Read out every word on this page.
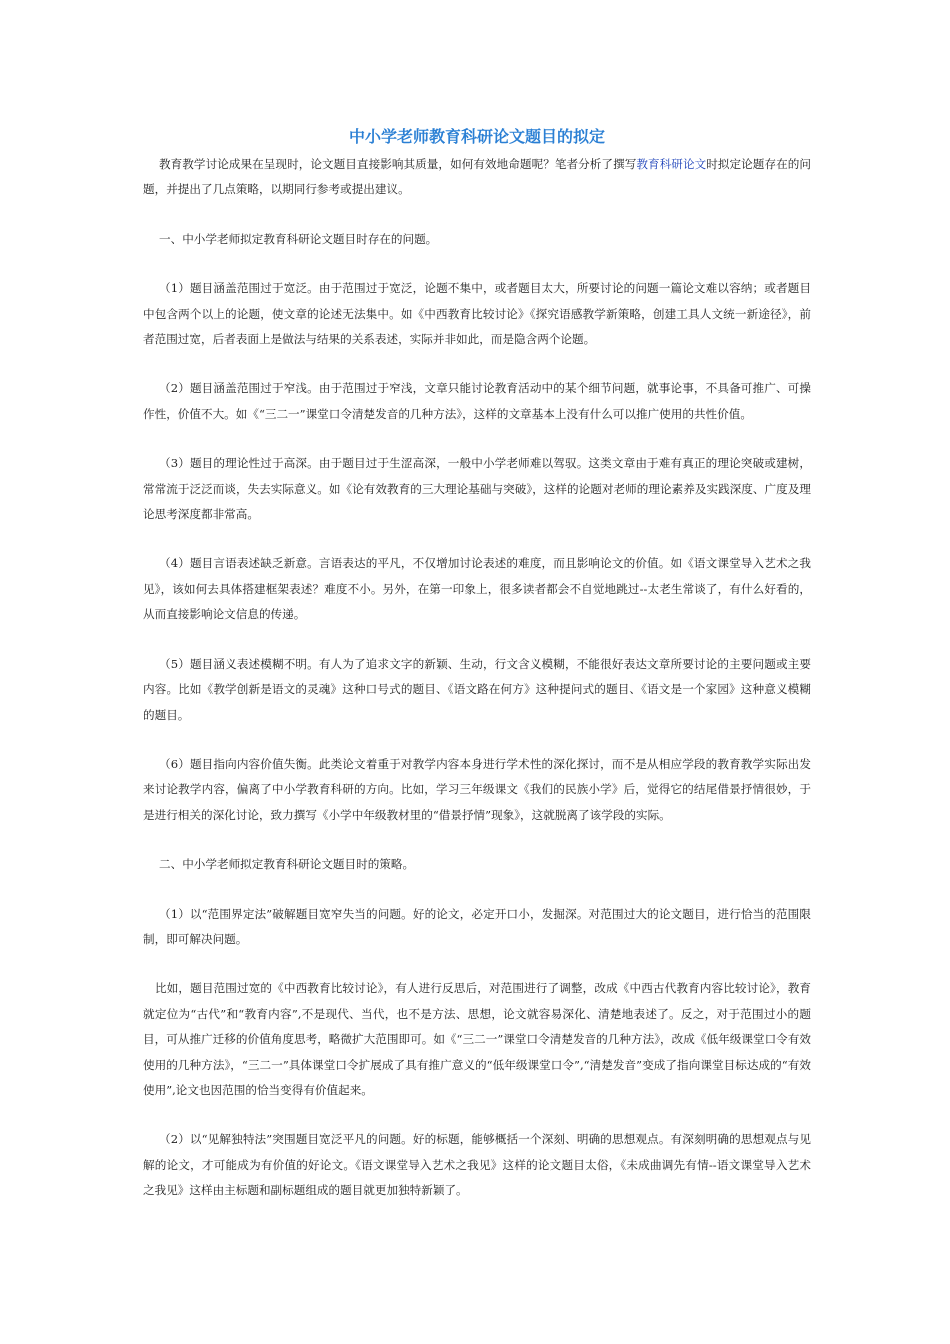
中小学老师教育科研论文题目的拟定

教育教学讨论成果在呈现时，论文题目直接影响其质量，如何有效地命题呢？笔者分析了撰写教育科研论文时拟定论题存在的问题，并提出了几点策略，以期同行参考或提出建议。

一、中小学老师拟定教育科研论文题目时存在的问题。

（1）题目涵盖范围过于宽泛。由于范围过于宽泛，论题不集中，或者题目太大，所要讨论的问题一篇论文难以容纳；或者题目中包含两个以上的论题，使文章的论述无法集中。如《中西教育比较讨论》《探究语感教学新策略，创建工具人文统一新途径》，前者范围过宽，后者表面上是做法与结果的关系表述，实际并非如此，而是隐含两个论题。

（2）题目涵盖范围过于窄浅。由于范围过于窄浅，文章只能讨论教育活动中的某个细节问题，就事论事，不具备可推广、可操作性，价值不大。如《“三二一”课堂口令清楚发音的几种方法》，这样的文章基本上没有什么可以推广使用的共性价值。

（3）题目的理论性过于高深。由于题目过于生涩高深，一般中小学老师难以驾驭。这类文章由于难有真正的理论突破或建树，常常流于泛泛而谈，失去实际意义。如《论有效教育的三大理论基础与突破》，这样的论题对老师的理论素养及实践深度、广度及理论思考深度都非常高。

（4）题目言语表述缺乏新意。言语表达的平凡，不仅增加讨论表述的难度，而且影响论文的价值。如《语文课堂导入艺术之我见》，该如何去具体搭建框架表述？难度不小。另外，在第一印象上，很多读者都会不自觉地跳过--太老生常谈了，有什么好看的，从而直接影响论文信息的传递。

（5）题目涵义表述模糊不明。有人为了追求文字的新颖、生动，行文含义模糊，不能很好表达文章所要讨论的主要问题或主要内容。比如《教学创新是语文的灵魂》这种口号式的题目、《语文路在何方》这种提问式的题目、《语文是一个家园》这种意义模糊的题目。

（6）题目指向内容价值失衡。此类论文着重于对教学内容本身进行学术性的深化探讨，而不是从相应学段的教育教学实际出发来讨论教学内容，偏离了中小学教育科研的方向。比如，学习三年级课文《我们的民族小学》后，觉得它的结尾借景抒情很妙，于是进行相关的深化讨论，致力撰写《小学中年级教材里的“借景抒情”现象》，这就脱离了该学段的实际。

二、中小学老师拟定教育科研论文题目时的策略。

（1）以“范围界定法”破解题目宽窄失当的问题。好的论文，必定开口小，发掘深。对范围过大的论文题目，进行恰当的范围限制，即可解决问题。

比如，题目范围过宽的《中西教育比较讨论》，有人进行反思后，对范围进行了调整，改成《中西古代教育内容比较讨论》，教育就定位为“古代”和“教育内容”,不是现代、当代，也不是方法、思想，论文就容易深化、清楚地表述了。反之，对于范围过小的题目，可从推广迁移的价值角度思考，略微扩大范围即可。如《“三二一”课堂口令清楚发音的几种方法》，改成《低年级课堂口令有效使用的几种方法》，“三二一”具体课堂口令扩展成了具有推广意义的“低年级课堂口令”,“清楚发音”变成了指向课堂目标达成的“有效使用”,论文也因范围的恰当变得有价值起来。

（2）以“见解独特法”突围题目宽泛平凡的问题。好的标题，能够概括一个深刻、明确的思想观点。有深刻明确的思想观点与见解的论文，才可能成为有价值的好论文。《语文课堂导入艺术之我见》这样的论文题目太俗，《未成曲调先有情--语文课堂导入艺术之我见》这样由主标题和副标题组成的题目就更加独特新颖了。
